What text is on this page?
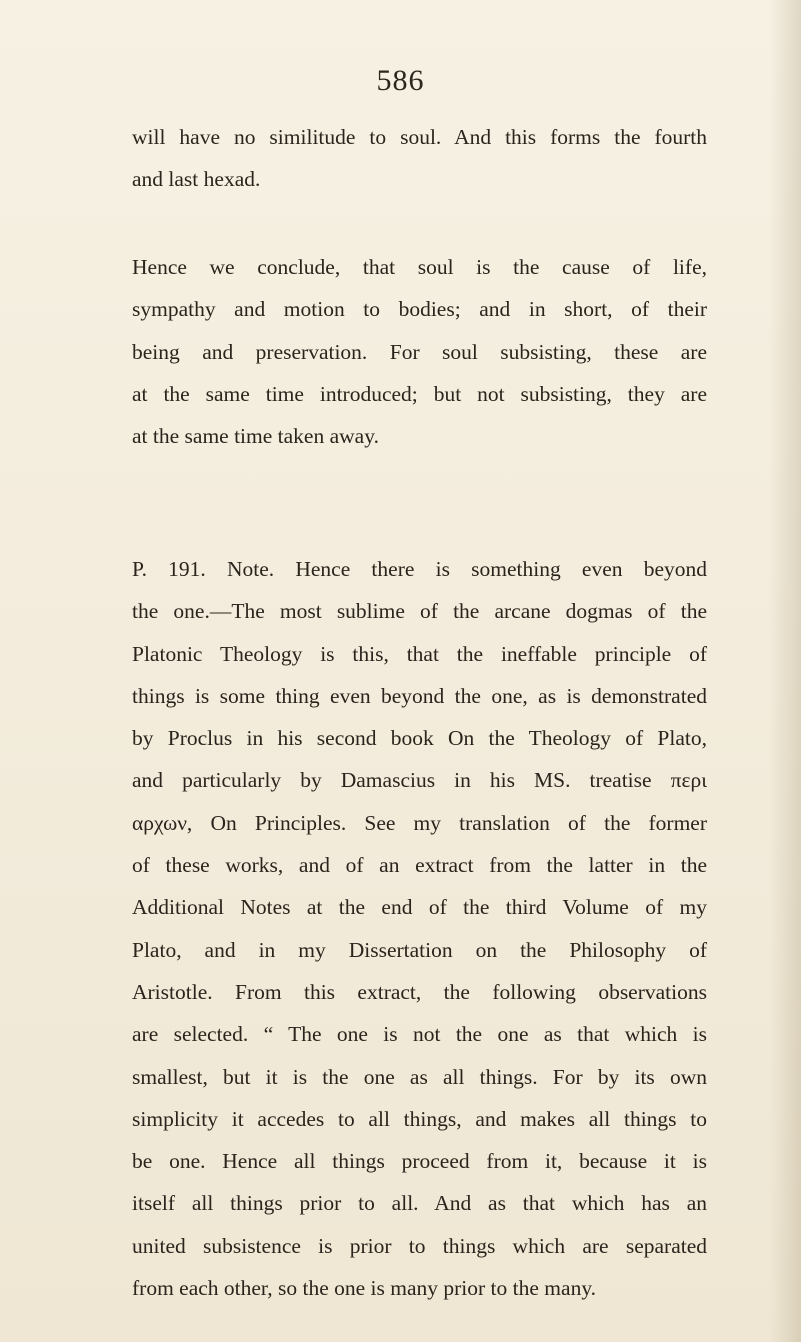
586
will have no similitude to soul. And this forms the fourth
and last hexad.
Hence we conclude, that soul is the cause of life,
sympathy and motion to bodies; and in short, of their
being and preservation. For soul subsisting, these are
at the same time introduced; but not subsisting, they are
at the same time taken away.
P. 191. Note. Hence there is something even beyond
the one.—The most sublime of the arcane dogmas of the
Platonic Theology is this, that the ineffable principle of
things is some thing even beyond the one, as is demonstrated
by Proclus in his second book On the Theology of Plato,
and particularly by Damascius in his MS. treatise περι
αρχων, On Principles. See my translation of the former
of these works, and of an extract from the latter in the
Additional Notes at the end of the third Volume of my
Plato, and in my Dissertation on the Philosophy of
Aristotle. From this extract, the following observations
are selected. “ The one is not the one as that which is
smallest, but it is the one as all things. For by its own
simplicity it accedes to all things, and makes all things to
be one. Hence all things proceed from it, because it is
itself all things prior to all. And as that which has an
united subsistence is prior to things which are separated
from each other, so the one is many prior to the many.
